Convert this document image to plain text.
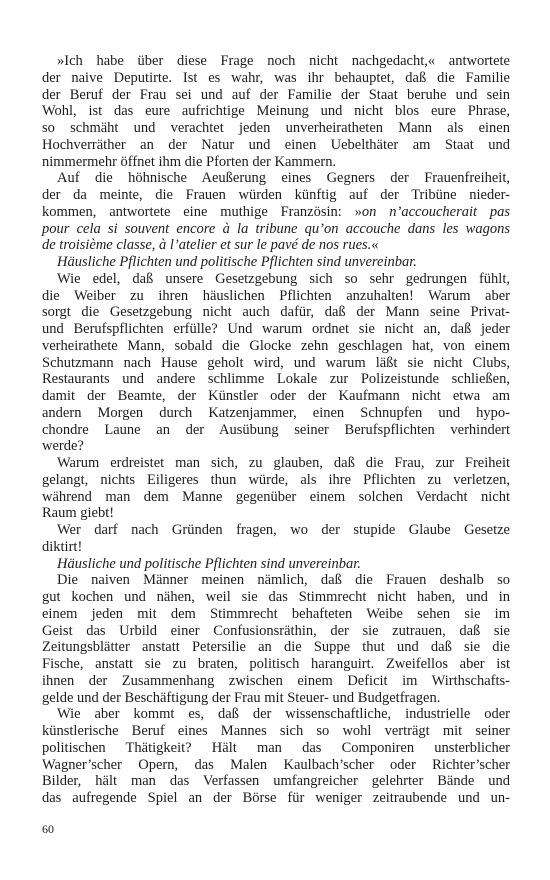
»Ich habe über diese Frage noch nicht nachgedacht,« antwortete
der naive Deputirte. Ist es wahr, was ihr behauptet, daß die Familie
der Beruf der Frau sei und auf der Familie der Staat beruhe und sein
Wohl, ist das eure aufrichtige Meinung und nicht blos eure Phrase,
so schmäht und verachtet jeden unverheiratheten Mann als einen
Hochverräther an der Natur und einen Uebelthäter am Staat und
nimmermehr öffnet ihm die Pforten der Kammern.
Auf die höhnische Aeußerung eines Gegners der Frauenfreiheit,
der da meinte, die Frauen würden künftig auf der Tribüne nieder-
kommen, antwortete eine muthige Französin: »on n’accoucherait pas
pour cela si souvent encore à la tribune qu’on accouche dans les wagons
de troisième classe, à l’atelier et sur le pavé de nos rues.«
Häusliche Pflichten und politische Pflichten sind unvereinbar.
Wie edel, daß unsere Gesetzgebung sich so sehr gedrungen fühlt,
die Weiber zu ihren häuslichen Pflichten anzuhalten! Warum aber
sorgt die Gesetzgebung nicht auch dafür, daß der Mann seine Privat-
und Berufspflichten erfülle? Und warum ordnet sie nicht an, daß jeder
verheirathete Mann, sobald die Glocke zehn geschlagen hat, von einem
Schutzmann nach Hause geholt wird, und warum läßt sie nicht Clubs,
Restaurants und andere schlimme Lokale zur Polizeistunde schließen,
damit der Beamte, der Künstler oder der Kaufmann nicht etwa am
andern Morgen durch Katzenjammer, einen Schnupfen und hypo-
chondre Laune an der Ausübung seiner Berufspflichten verhindert
werde?
Warum erdreistet man sich, zu glauben, daß die Frau, zur Freiheit
gelangt, nichts Eiligeres thun würde, als ihre Pflichten zu verletzen,
während man dem Manne gegenüber einem solchen Verdacht nicht
Raum giebt!
Wer darf nach Gründen fragen, wo der stupide Glaube Gesetze
diktirt!
Häusliche und politische Pflichten sind unvereinbar.
Die naiven Männer meinen nämlich, daß die Frauen deshalb so
gut kochen und nähen, weil sie das Stimmrecht nicht haben, und in
einem jeden mit dem Stimmrecht behafteten Weibe sehen sie im
Geist das Urbild einer Confusionsräthin, der sie zutrauen, daß sie
Zeitungsblätter anstatt Petersilie an die Suppe thut und daß sie die
Fische, anstatt sie zu braten, politisch haranguirt. Zweifellos aber ist
ihnen der Zusammenhang zwischen einem Deficit im Wirthschafts-
gelde und der Beschäftigung der Frau mit Steuer- und Budgetfragen.
Wie aber kommt es, daß der wissenschaftliche, industrielle oder
künstlerische Beruf eines Mannes sich so wohl verträgt mit seiner
politischen Thätigkeit? Hält man das Componiren unsterblicher
Wagner’scher Opern, das Malen Kaulbach’scher oder Richter’scher
Bilder, hält man das Verfassen umfangreicher gelehrter Bände und
das aufregende Spiel an der Börse für weniger zeitraubende und un-
60
